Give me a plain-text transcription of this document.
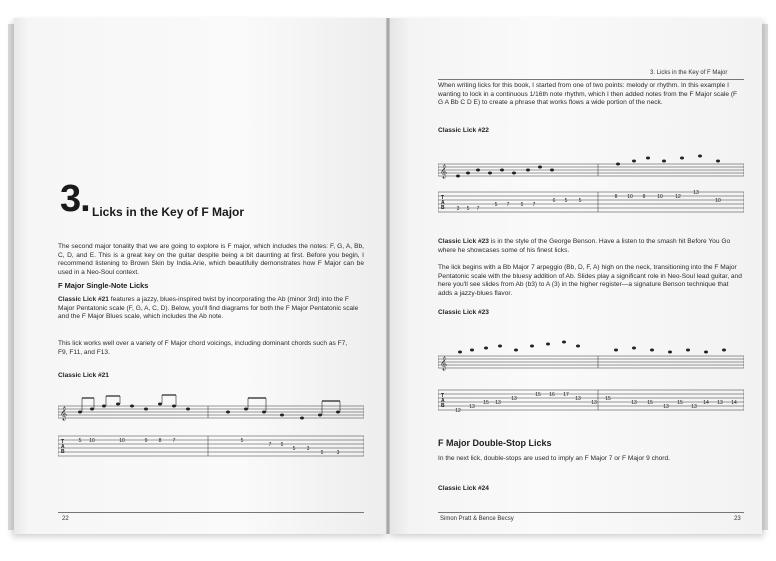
3. Licks in the Key of F Major
The second major tonality that we are going to explore is F major, which includes the notes: F, G, A, Bb, C, D, and E. This is a great key on the guitar despite being a bit daunting at first. Before you begin, I recommend listening to Brown Skin by India.Arie, which beautifully demonstrates how F Major can be used in a Neo-Soul context.
F Major Single-Note Licks
Classic Lick #21 features a jazzy, blues-inspired twist by incorporating the Ab (minor 3rd) into the F Major Pentatonic scale (F, G, A, C, D). Below, you'll find diagrams for both the F Major Pentatonic scale and the F Major Blues scale, which includes the Ab note.
This lick works well over a variety of F Major chord voicings, including dominant chords such as F7, F9, F11, and F13.
Classic Lick #21
𝄞
T
A
B
5 10	10	9 8 7	5
7 5
5 3
5	3
22
3. Licks in the Key of F Major
When writing licks for this book, I started from one of two points: melody or rhythm. In this example I wanting to lock in a continuous 1/16th note rhythm, which I then added notes from the F Major scale (F G A Bb C D E) to create a phrase that works flows a wide portion of the neck.
Classic Lick #22
𝄞
T
A
B 3 5 7
5 7 5 7
6 5 5
8 10 8 10 12
13
10
Classic Lick #23 is in the style of the George Benson. Have a listen to the smash hit Before You Go where he showcases some of his finest licks.
The lick begins with a Bb Major 7 arpeggio (Bb, D, F, A) high on the neck, transitioning into the F Major Pentatonic scale with the bluesy addition of Ab. Slides play a significant role in Neo-Soul lead guitar, and here you'll see slides from Ab (b3) to A (3) in the higher register—a signature Benson technique that adds a jazzy-blues flavor.
Classic Lick #23
𝄞
T
A
B
12
13
15 13
13
15 16 17
13
13
15
13 15
13
15
13
14 13 14
F Major Double-Stop Licks
In the next lick, double-stops are used to imply an F Major 7 or F Major 9 chord.
Classic Lick #24
Simon Pratt & Bence Becsy	23
